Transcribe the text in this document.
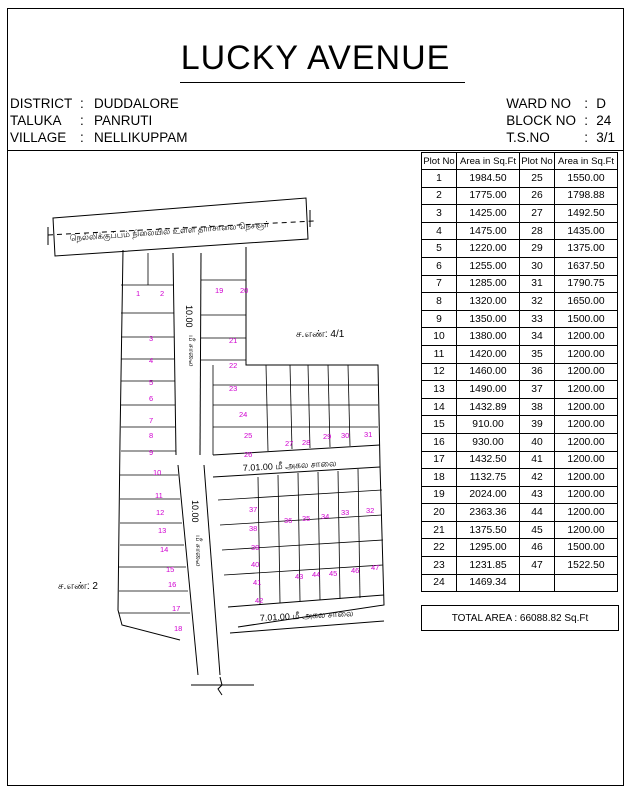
LUCKY AVENUE
DISTRICT : DUDDALORE
TALUKA	: PANRUTI
VILLAGE	: NELLIKUPPAM
WARD NO : D
BLOCK NO : 24
T.S.NO	: 3/1
நெல்லிக்குப்பம் நிலையில் உள்ள தார்சாலை நெசஞர்
10.00
மீ சாலை
10.00
மீ சாலை
7.01.00 மீ அகல சாலை
7.01.00 மீ அகல சாலை
ச.எண்: 4/1
ச.எண்: 2
1	2
3
4
5
6
7
8
9
10
11
12
13
14
15
16
17
18
19 20
21
22
23
24
25
26
27 28
29 30 31
32
33
34
35
36
37
38
39
40
41
42
43 44 45 46 47
Plot No	Area in Sq.Ft	Plot No	Area in Sq.Ft
1	1984.50	25	1550.00
2	1775.00	26	1798.88
3	1425.00	27	1492.50
4	1475.00	28	1435.00
5	1220.00	29	1375.00
6	1255.00	30	1637.50
7	1285.00	31	1790.75
8	1320.00	32	1650.00
9	1350.00	33	1500.00
10	1380.00	34	1200.00
11	1420.00	35	1200.00
12	1460.00	36	1200.00
13	1490.00	37	1200.00
14	1432.89	38	1200.00
15	910.00	39	1200.00
16	930.00	40	1200.00
17	1432.50	41	1200.00
18	1132.75	42	1200.00
19	2024.00	43	1200.00
20	2363.36	44	1200.00
21	1375.50	45	1200.00
22	1295.00	46	1500.00
23	1231.85	47	1522.50
24	1469.34		
TOTAL AREA : 66088.82 Sq.Ft
